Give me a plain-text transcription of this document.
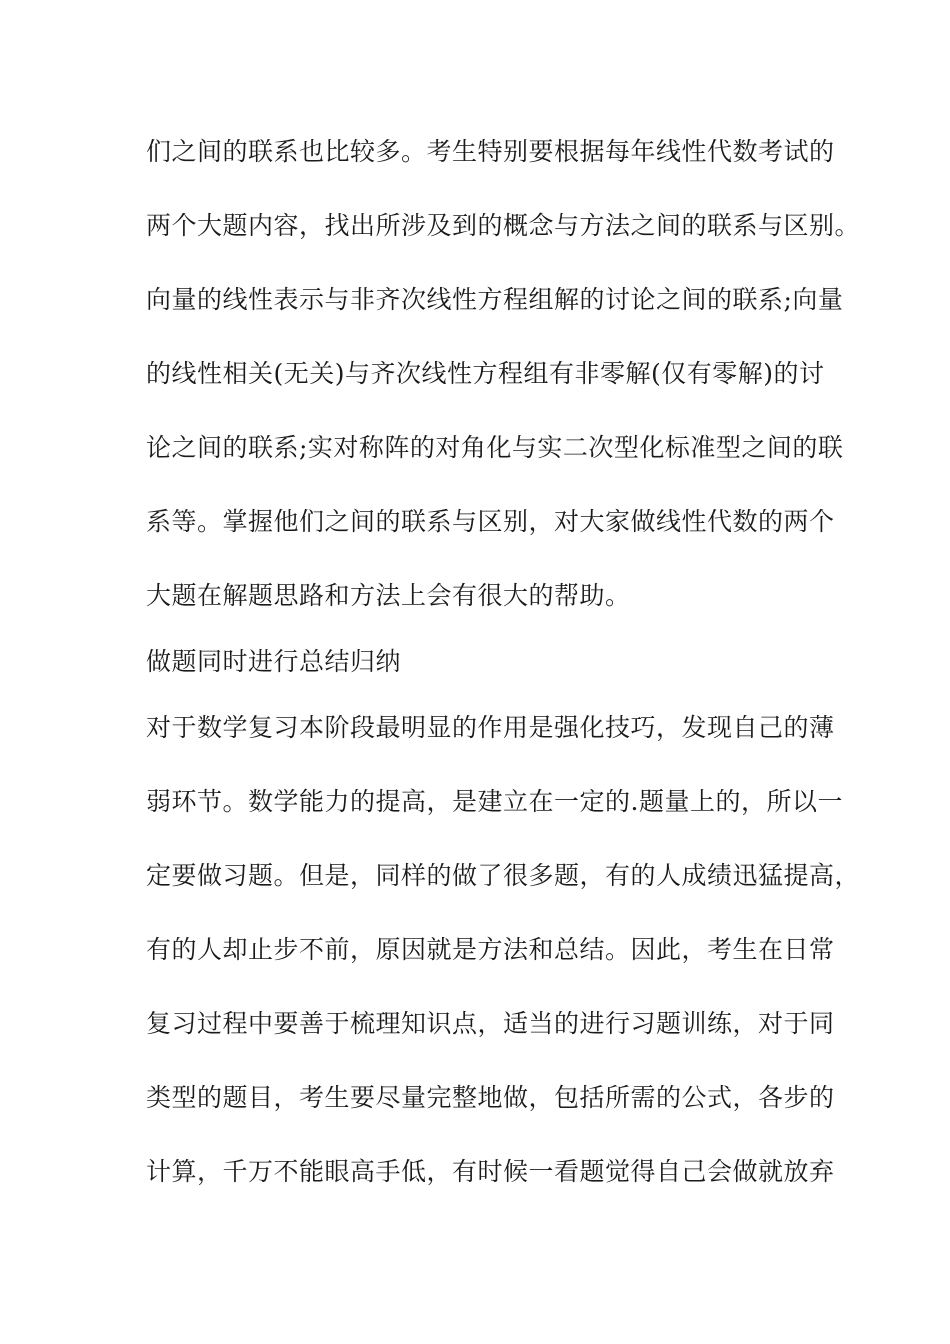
们之间的联系也比较多。考生特别要根据每年线性代数考试的
两个大题内容，找出所涉及到的概念与方法之间的联系与区别。
向量的线性表示与非齐次线性方程组解的讨论之间的联系;向量
的线性相关(无关)与齐次线性方程组有非零解(仅有零解)的讨
论之间的联系;实对称阵的对角化与实二次型化标准型之间的联
系等。掌握他们之间的联系与区别，对大家做线性代数的两个
大题在解题思路和方法上会有很大的帮助。
做题同时进行总结归纳
对于数学复习本阶段最明显的作用是强化技巧，发现自己的薄
弱环节。数学能力的提高，是建立在一定的.题量上的，所以一
定要做习题。但是，同样的做了很多题，有的人成绩迅猛提高，
有的人却止步不前，原因就是方法和总结。因此，考生在日常
复习过程中要善于梳理知识点，适当的进行习题训练，对于同
类型的题目，考生要尽量完整地做，包括所需的公式，各步的
计算，千万不能眼高手低，有时候一看题觉得自己会做就放弃
